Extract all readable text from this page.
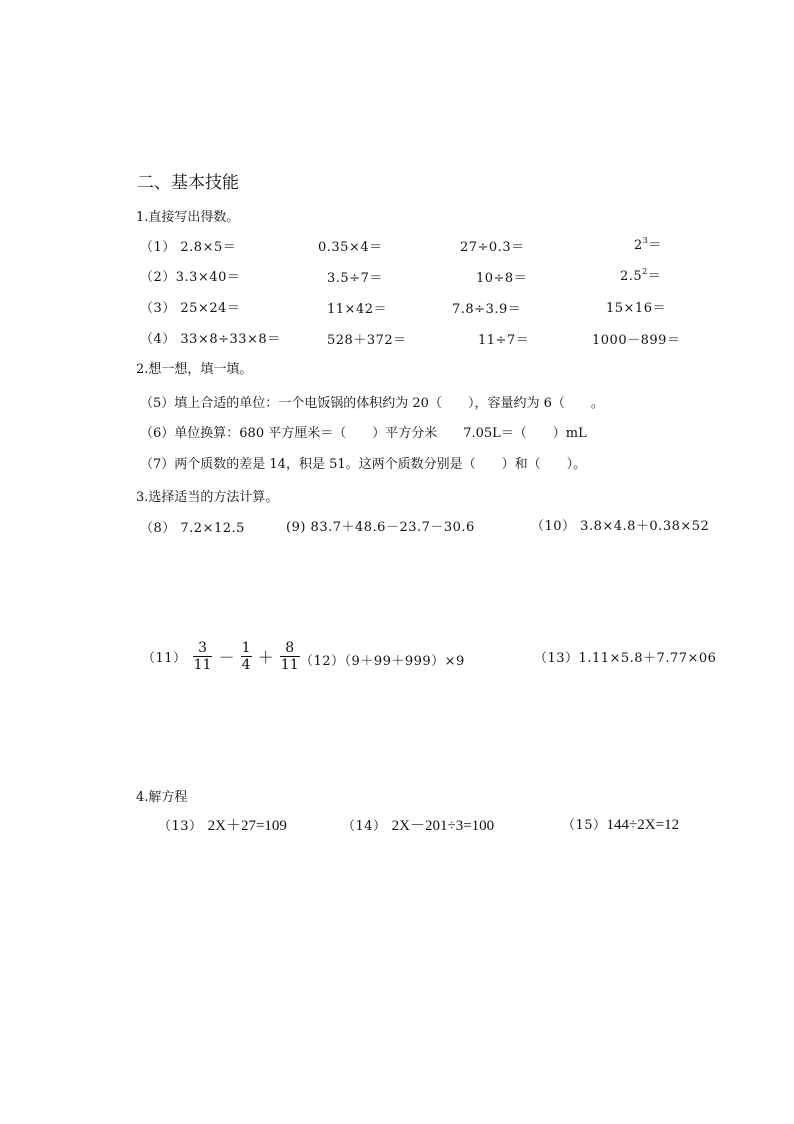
二、基本技能
1.直接写出得数。
（1） 2.8×5＝	0.35×4＝	27÷0.3＝	$2^3=$
（2）3.3×40＝	3.5÷7＝	10÷8＝	$2.5^2=$
（3） 25×24＝	11×42＝	7.8÷3.9＝	15×16＝
（4） 33×8÷33×8＝	528＋372＝	11÷7＝	1000－899＝
2.想一想，填一填。
（5）填上合适的单位：一个电饭锅的体积约为 20（　　），容量约为 6（　　。
（6）单位换算：680 平方厘米＝（　　）平方分米　　7.05L＝（　　）mL
（7）两个质数的差是 14，积是 51。这两个质数分别是（　　）和（　　）。
3.选择适当的方法计算。
（8） 7.2×12.5	(9) 83.7＋48.6－23.7－30.6	（10） 3.8×4.8＋0.38×52
$(11) \frac{3}{11} - \frac{1}{4} + \frac{8}{11} (12)(9+99+999)\times 9$	（13）1.11×5.8＋7.77×06
4.解方程
（13） 2X＋27=109	（14） 2X－201÷3=100	（15）144÷2X=12
